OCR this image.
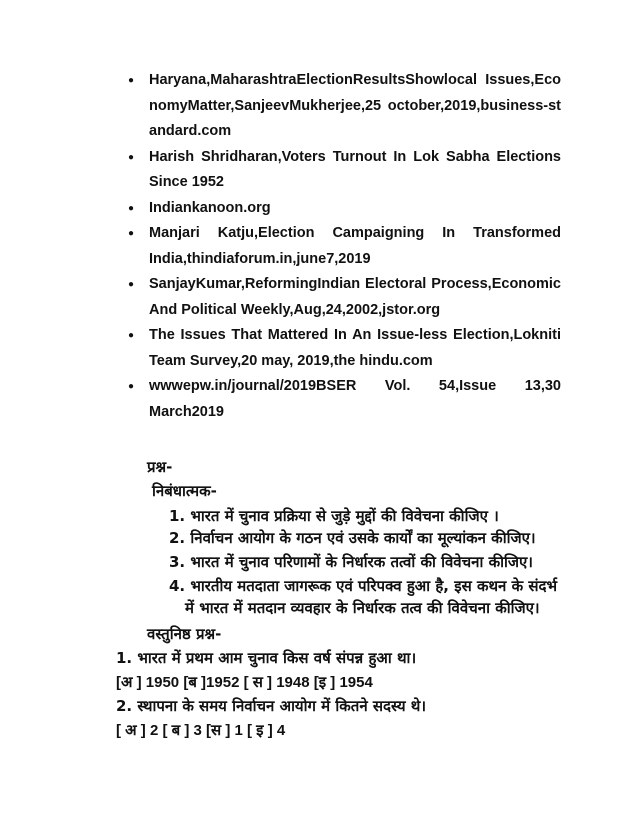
● Haryana,MaharashtraElectionResultsShowlocal Issues,EconomyMatter,SanjeevMukherjee,25 october,2019,business-standard.com
● Harish Shridharan,Voters Turnout In Lok Sabha Elections Since 1952
● Indiankanoon.org
● Manjari Katju,Election Campaigning In Transformed India,thindiaforum.in,june7,2019
● SanjayKumar,ReformingIndian Electoral Process,Economic And Political Weekly,Aug,24,2002,jstor.org
● The Issues That Mattered In An Issue-less Election,Lokniti Team Survey,20 may, 2019,the hindu.com
● wwwepw.in/journal/2019BSER Vol. 54,Issue 13,30 March2019
प्रश्न-
निबंधात्मक-
1. भारत में चुनाव प्रक्रिया से जुड़े मुद्दों की विवेचना कीजिए ।
2. निर्वाचन आयोग के गठन एवं उसके कार्यों का मूल्यांकन कीजिए।
3. भारत में चुनाव परिणामों के निर्धारक तत्वों की विवेचना कीजिए।
4. भारतीय मतदाता जागरूक एवं परिपक्व हुआ है, इस कथन के संदर्भ
में भारत में मतदान व्यवहार के निर्धारक तत्व की विवेचना कीजिए।
वस्तुनिष्ठ प्रश्न-
1. भारत में प्रथम आम चुनाव किस वर्ष संपन्न हुआ था।
[अ ] 1950 [ब ]1952 [ स ] 1948 [इ ] 1954
2. स्थापना के समय निर्वाचन आयोग में कितने सदस्य थे।
[ अ ] 2 [ ब ] 3 [स ] 1 [ इ ] 4
